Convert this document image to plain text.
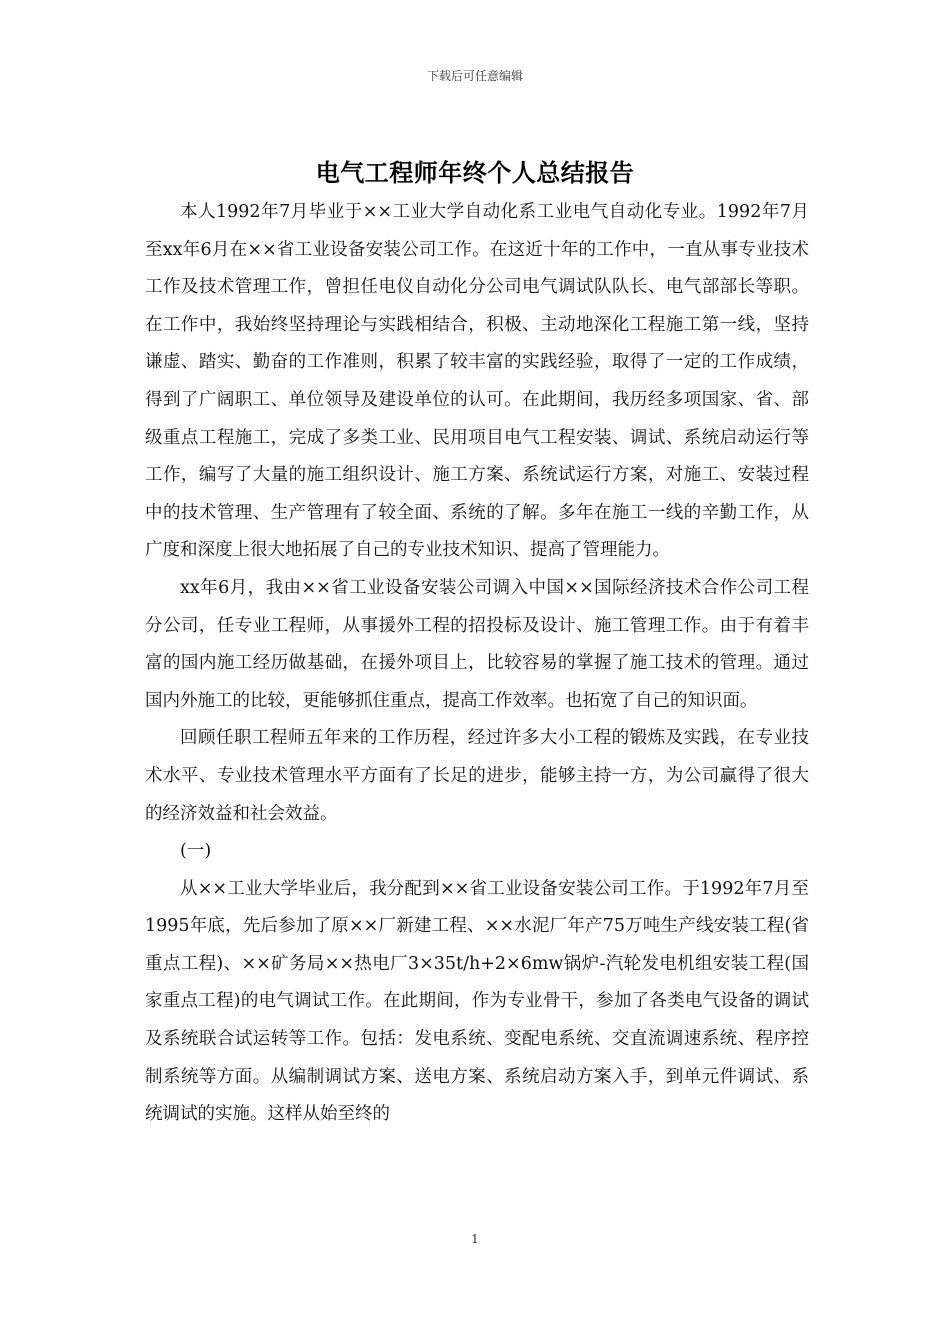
下载后可任意编辑
电气工程师年终个人总结报告

本人1992年7月毕业于××工业大学自动化系工业电气自动化专业。1992年7月至xx年6月在××省工业设备安装公司工作。在这近十年的工作中，一直从事专业技术工作及技术管理工作，曾担任电仪自动化分公司电气调试队队长、电气部部长等职。在工作中，我始终坚持理论与实践相结合，积极、主动地深化工程施工第一线，坚持谦虚、踏实、勤奋的工作准则，积累了较丰富的实践经验，取得了一定的工作成绩，得到了广阔职工、单位领导及建设单位的认可。在此期间，我历经多项国家、省、部级重点工程施工，完成了多类工业、民用项目电气工程安装、调试、系统启动运行等工作，编写了大量的施工组织设计、施工方案、系统试运行方案，对施工、安装过程中的技术管理、生产管理有了较全面、系统的了解。多年在施工一线的辛勤工作，从广度和深度上很大地拓展了自己的专业技术知识、提高了管理能力。

xx年6月，我由××省工业设备安装公司调入中国××国际经济技术合作公司工程分公司，任专业工程师，从事援外工程的招投标及设计、施工管理工作。由于有着丰富的国内施工经历做基础，在援外项目上，比较容易的掌握了施工技术的管理。通过国内外施工的比较，更能够抓住重点，提高工作效率。也拓宽了自己的知识面。

回顾任职工程师五年来的工作历程，经过许多大小工程的锻炼及实践，在专业技术水平、专业技术管理水平方面有了长足的进步，能够主持一方，为公司赢得了很大的经济效益和社会效益。

(一)

从××工业大学毕业后，我分配到××省工业设备安装公司工作。于1992年7月至1995年底，先后参加了原××厂新建工程、××水泥厂年产75万吨生产线安装工程(省重点工程)、××矿务局××热电厂3×35t/h+2×6mw锅炉-汽轮发电机组安装工程(国家重点工程)的电气调试工作。在此期间，作为专业骨干，参加了各类电气设备的调试及系统联合试运转等工作。包括：发电系统、变配电系统、交直流调速系统、程序控制系统等方面。从编制调试方案、送电方案、系统启动方案入手，到单元件调试、系统调试的实施。这样从始至终的

1
